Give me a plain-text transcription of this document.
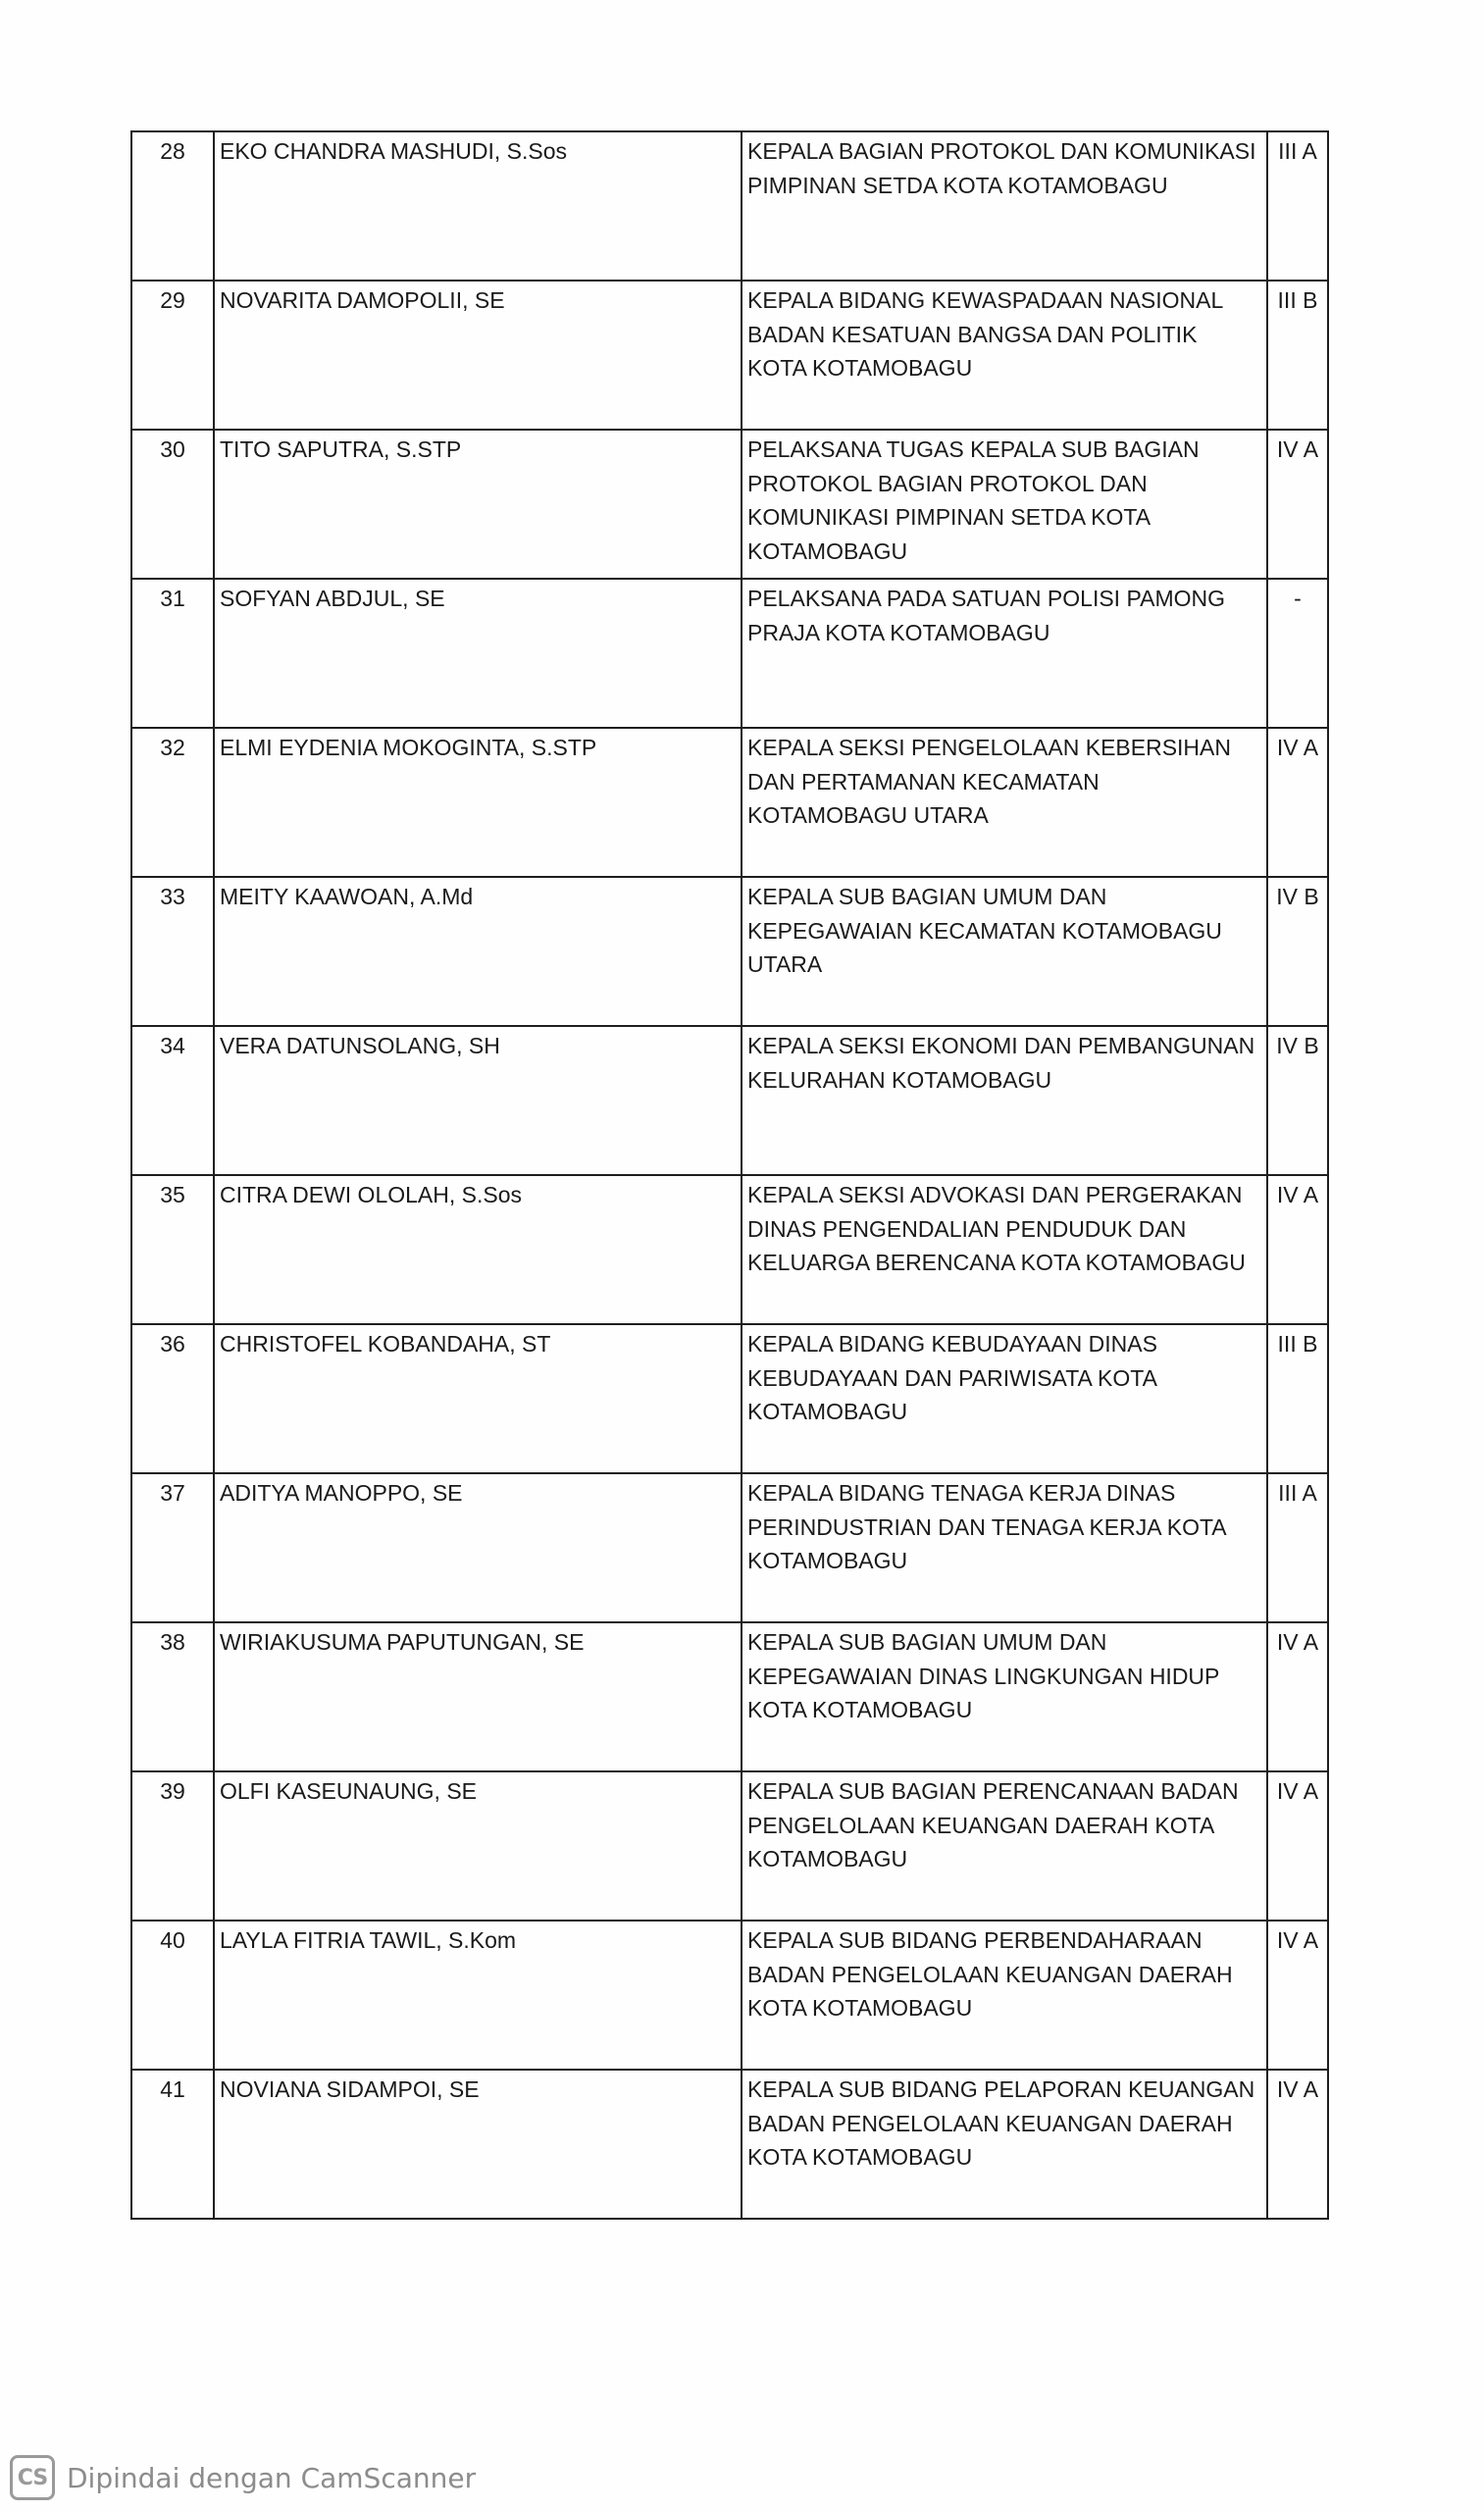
28	EKO CHANDRA MASHUDI, S.Sos	KEPALA BAGIAN PROTOKOL DAN KOMUNIKASI PIMPINAN SETDA KOTA KOTAMOBAGU	III A
29	NOVARITA DAMOPOLII, SE	KEPALA BIDANG KEWASPADAAN NASIONAL BADAN KESATUAN BANGSA DAN POLITIK KOTA KOTAMOBAGU	III B
30	TITO SAPUTRA, S.STP	PELAKSANA TUGAS KEPALA SUB BAGIAN PROTOKOL BAGIAN PROTOKOL DAN KOMUNIKASI PIMPINAN SETDA KOTA KOTAMOBAGU	IV A
31	SOFYAN ABDJUL, SE	PELAKSANA PADA SATUAN POLISI PAMONG PRAJA KOTA KOTAMOBAGU	-
32	ELMI EYDENIA MOKOGINTA, S.STP	KEPALA SEKSI PENGELOLAAN KEBERSIHAN DAN PERTAMANAN KECAMATAN KOTAMOBAGU UTARA	IV A
33	MEITY KAAWOAN, A.Md	KEPALA SUB BAGIAN UMUM DAN KEPEGAWAIAN KECAMATAN KOTAMOBAGU UTARA	IV B
34	VERA DATUNSOLANG, SH	KEPALA SEKSI EKONOMI DAN PEMBANGUNAN KELURAHAN KOTAMOBAGU	IV B
35	CITRA DEWI OLOLAH, S.Sos	KEPALA SEKSI ADVOKASI DAN PERGERAKAN DINAS PENGENDALIAN PENDUDUK DAN KELUARGA BERENCANA KOTA KOTAMOBAGU	IV A
36	CHRISTOFEL KOBANDAHA, ST	KEPALA BIDANG KEBUDAYAAN DINAS KEBUDAYAAN DAN PARIWISATA KOTA KOTAMOBAGU	III B
37	ADITYA MANOPPO, SE	KEPALA BIDANG TENAGA KERJA DINAS PERINDUSTRIAN DAN TENAGA KERJA KOTA KOTAMOBAGU	III A
38	WIRIAKUSUMA PAPUTUNGAN, SE	KEPALA SUB BAGIAN UMUM DAN KEPEGAWAIAN DINAS LINGKUNGAN HIDUP KOTA KOTAMOBAGU	IV A
39	OLFI KASEUNAUNG, SE	KEPALA SUB BAGIAN PERENCANAAN BADAN PENGELOLAAN KEUANGAN DAERAH KOTA KOTAMOBAGU	IV A
40	LAYLA FITRIA TAWIL, S.Kom	KEPALA SUB BIDANG PERBENDAHARAAN BADAN PENGELOLAAN KEUANGAN DAERAH KOTA KOTAMOBAGU	IV A
41	NOVIANA SIDAMPOI, SE	KEPALA SUB BIDANG PELAPORAN KEUANGAN BADAN PENGELOLAAN KEUANGAN DAERAH KOTA KOTAMOBAGU	IV A
CS Dipindai dengan CamScanner
